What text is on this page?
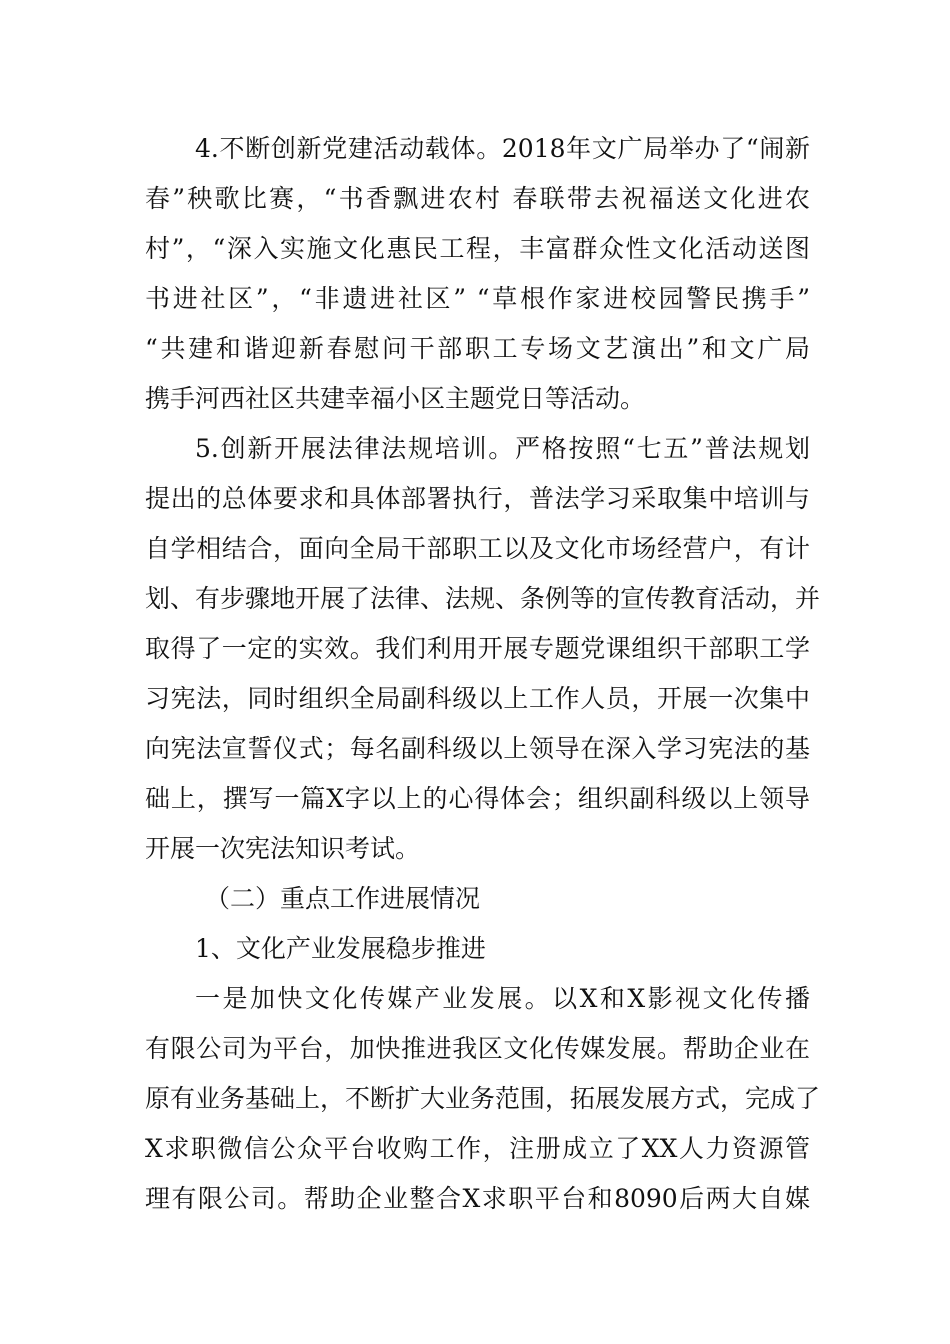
4.不断创新党建活动载体。2018年文广局举办了“闹新
春”秧歌比赛，“书香飘进农村 春联带去祝福送文化进农
村”，“深入实施文化惠民工程，丰富群众性文化活动送图
书进社区”，“非遗进社区” “草根作家进校园警民携手”
“共建和谐迎新春慰问干部职工专场文艺演出”和文广局
携手河西社区共建幸福小区主题党日等活动。
5.创新开展法律法规培训。严格按照“七五”普法规划
提出的总体要求和具体部署执行，普法学习采取集中培训与
自学相结合，面向全局干部职工以及文化市场经营户，有计
划、有步骤地开展了法律、法规、条例等的宣传教育活动，并
取得了一定的实效。我们利用开展专题党课组织干部职工学
习宪法，同时组织全局副科级以上工作人员，开展一次集中
向宪法宣誓仪式；每名副科级以上领导在深入学习宪法的基
础上，撰写一篇X字以上的心得体会；组织副科级以上领导
开展一次宪法知识考试。
（二）重点工作进展情况
1、文化产业发展稳步推进
一是加快文化传媒产业发展。以X和X影视文化传播
有限公司为平台，加快推进我区文化传媒发展。帮助企业在
原有业务基础上，不断扩大业务范围，拓展发展方式，完成了
X求职微信公众平台收购工作，注册成立了XX人力资源管
理有限公司。帮助企业整合X求职平台和8090后两大自媒
